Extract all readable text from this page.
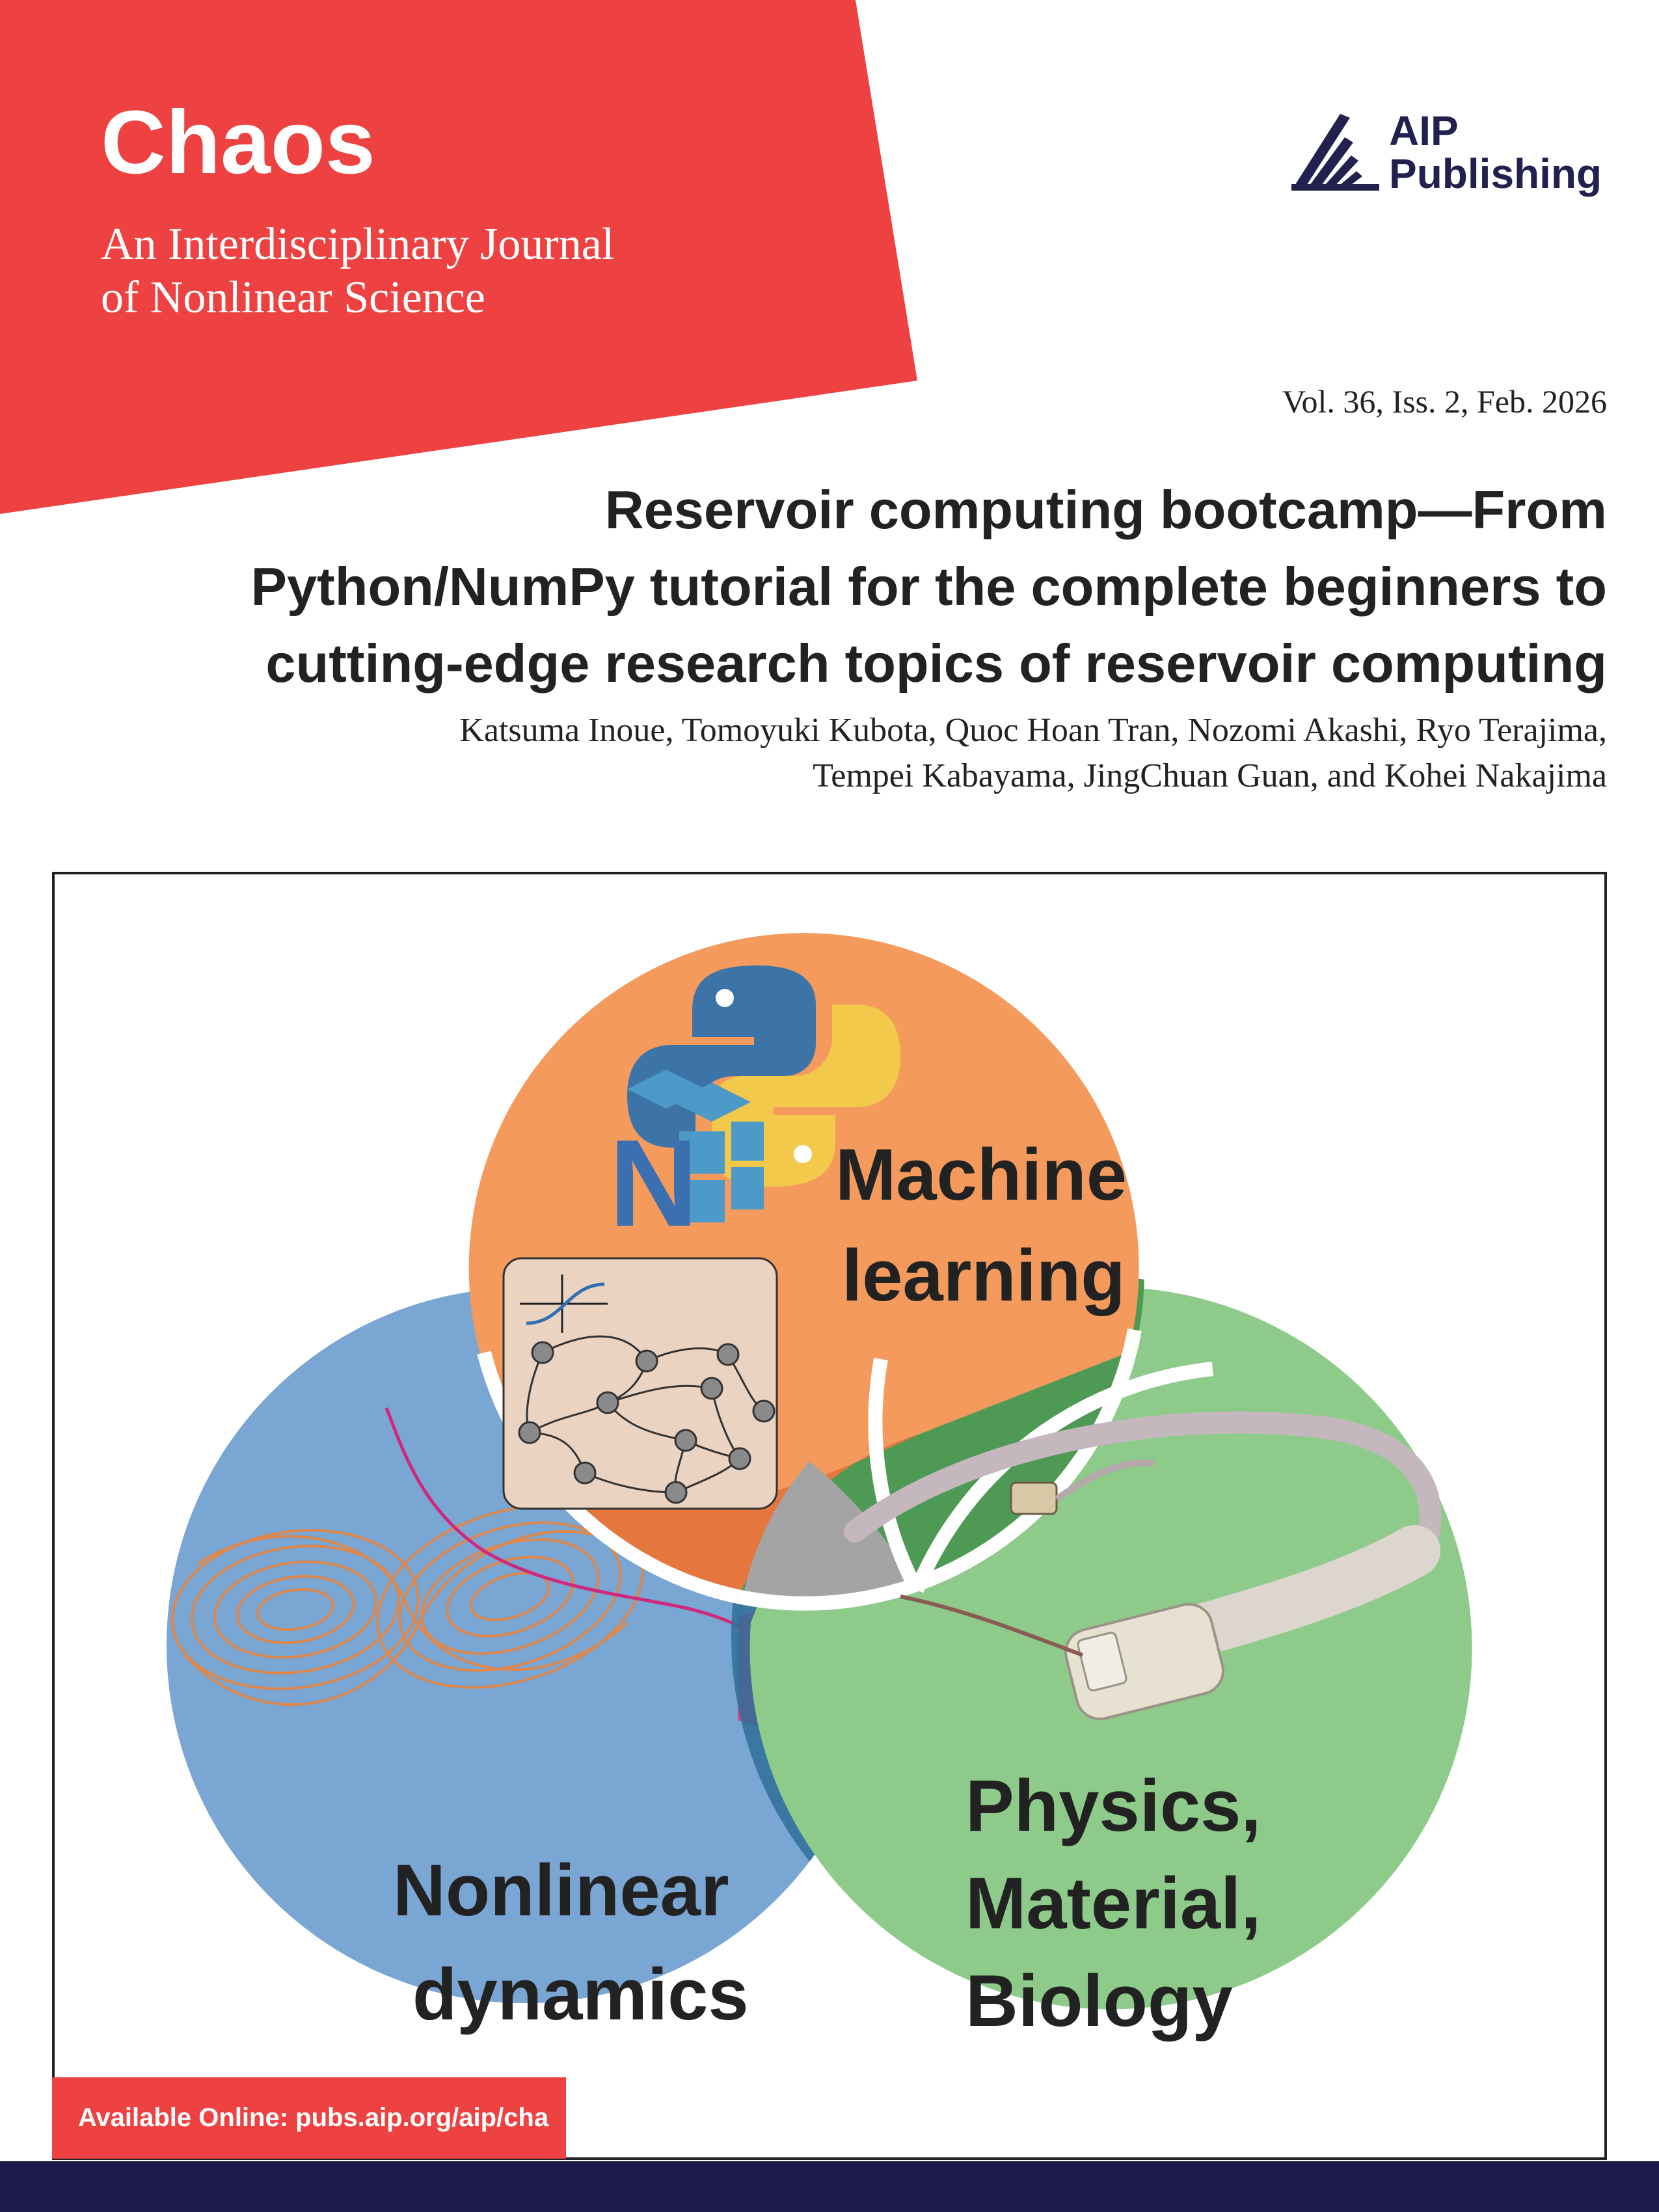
Chaos
An Interdisciplinary Journal
of Nonlinear Science
AIP
Publishing
Vol. 36, Iss. 2, Feb. 2026
Reservoir computing bootcamp—From
Python/NumPy tutorial for the complete beginners to
cutting-edge research topics of reservoir computing
Katsuma Inoue, Tomoyuki Kubota, Quoc Hoan Tran, Nozomi Akashi, Ryo Terajima,
Tempei Kabayama, JingChuan Guan, and Kohei Nakajima
N Machine
learning
Nonlinear
dynamics
Physics,
Material,
Biology
Available Online: pubs.aip.org/aip/cha
